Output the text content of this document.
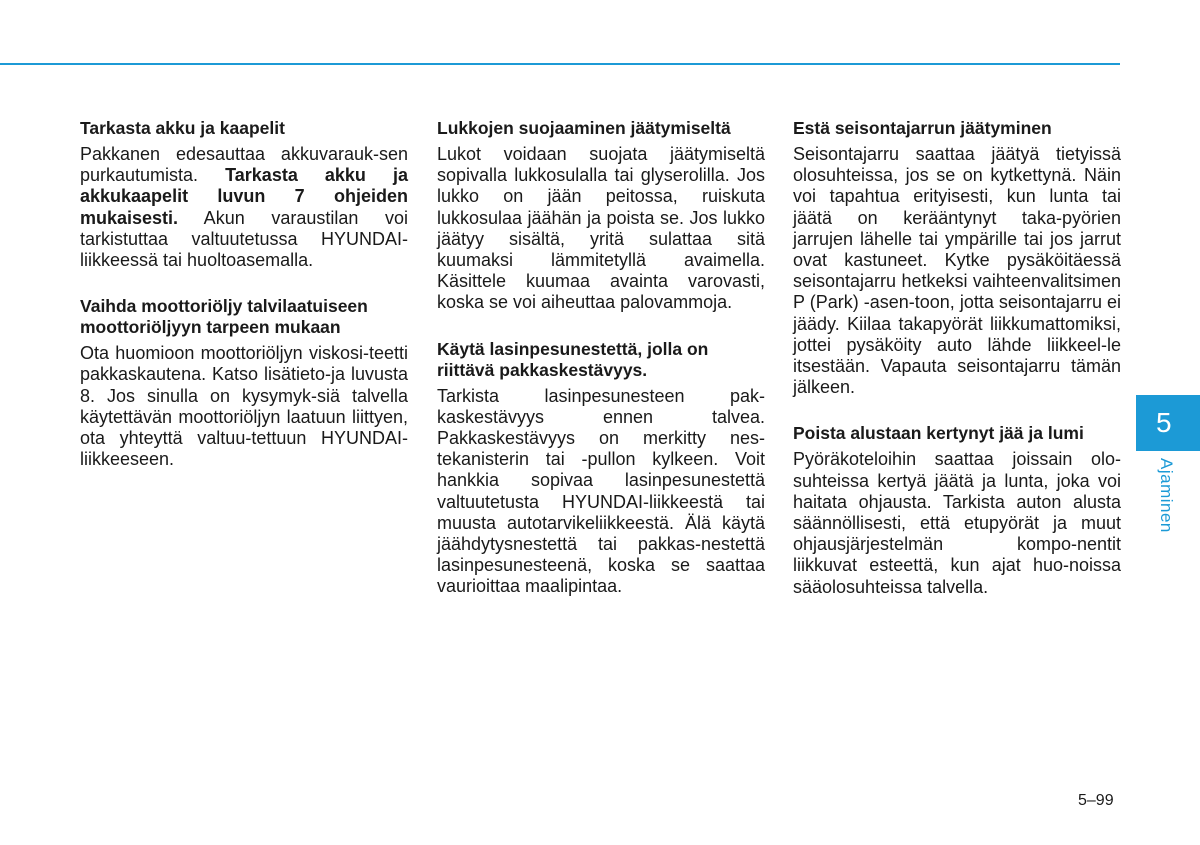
Tarkasta akku ja kaapelit

Pakkanen edesauttaa akkuvarauk-sen purkautumista. Tarkasta akku ja akkukaapelit luvun 7 ohjeiden mukaisesti. Akun varaustilan voi tarkistuttaa valtuutetussa HYUNDAI-liikkeessä tai huoltoasemalla.

Vaihda moottoriöljy talvilaatuiseen moottoriöljyyn tarpeen mukaan

Ota huomioon moottoriöljyn viskosi-teetti pakkaskautena. Katso lisätieto-ja luvusta 8. Jos sinulla on kysymyk-siä talvella käytettävän moottoriöljyn laatuun liittyen, ota yhteyttä valtuu-tettuun HYUNDAI-liikkeeseen.

Lukkojen suojaaminen jäätymiseltä

Lukot voidaan suojata jäätymiseltä sopivalla lukkosulalla tai glyserolilla. Jos lukko on jään peitossa, ruiskuta lukkosulaa jäähän ja poista se. Jos lukko jäätyy sisältä, yritä sulattaa sitä kuumaksi lämmitetyllä avaimella. Käsittele kuumaa avainta varovasti, koska se voi aiheuttaa palovammoja.

Käytä lasinpesunestettä, jolla on riittävä pakkaskestävyys.

Tarkista lasinpesunesteen pak-kaskestävyys ennen talvea. Pakkaskestävyys on merkitty nes-tekanisterin tai -pullon kylkeen. Voit hankkia sopivaa lasinpesunestettä valtuutetusta HYUNDAI-liikkeestä tai muusta autotarvikeliikkeestä. Älä käytä jäähdytysnestettä tai pakkas-nestettä lasinpesunesteenä, koska se saattaa vaurioittaa maalipintaa.

Estä seisontajarrun jäätyminen

Seisontajarru saattaa jäätyä tietyissä olosuhteissa, jos se on kytkettynä. Näin voi tapahtua erityisesti, kun lunta tai jäätä on kerääntynyt taka-pyörien jarrujen lähelle tai ympärille tai jos jarrut ovat kastuneet. Kytke pysäköitäessä seisontajarru hetkeksi vaihteenvalitsimen P (Park) -asen-toon, jotta seisontajarru ei jäädy. Kiilaa takapyörät liikkumattomiksi, jottei pysäköity auto lähde liikkeel-le itsestään. Vapauta seisontajarru tämän jälkeen.

Poista alustaan kertynyt jää ja lumi

Pyöräkoteloihin saattaa joissain olo-suhteissa kertyä jäätä ja lunta, joka voi haitata ohjausta. Tarkista auton alusta säännöllisesti, että etupyörät ja muut ohjausjärjestelmän kompo-nentit liikkuvat esteettä, kun ajat huo-noissa sääolosuhteissa talvella.

5
Ajaminen
5–99
